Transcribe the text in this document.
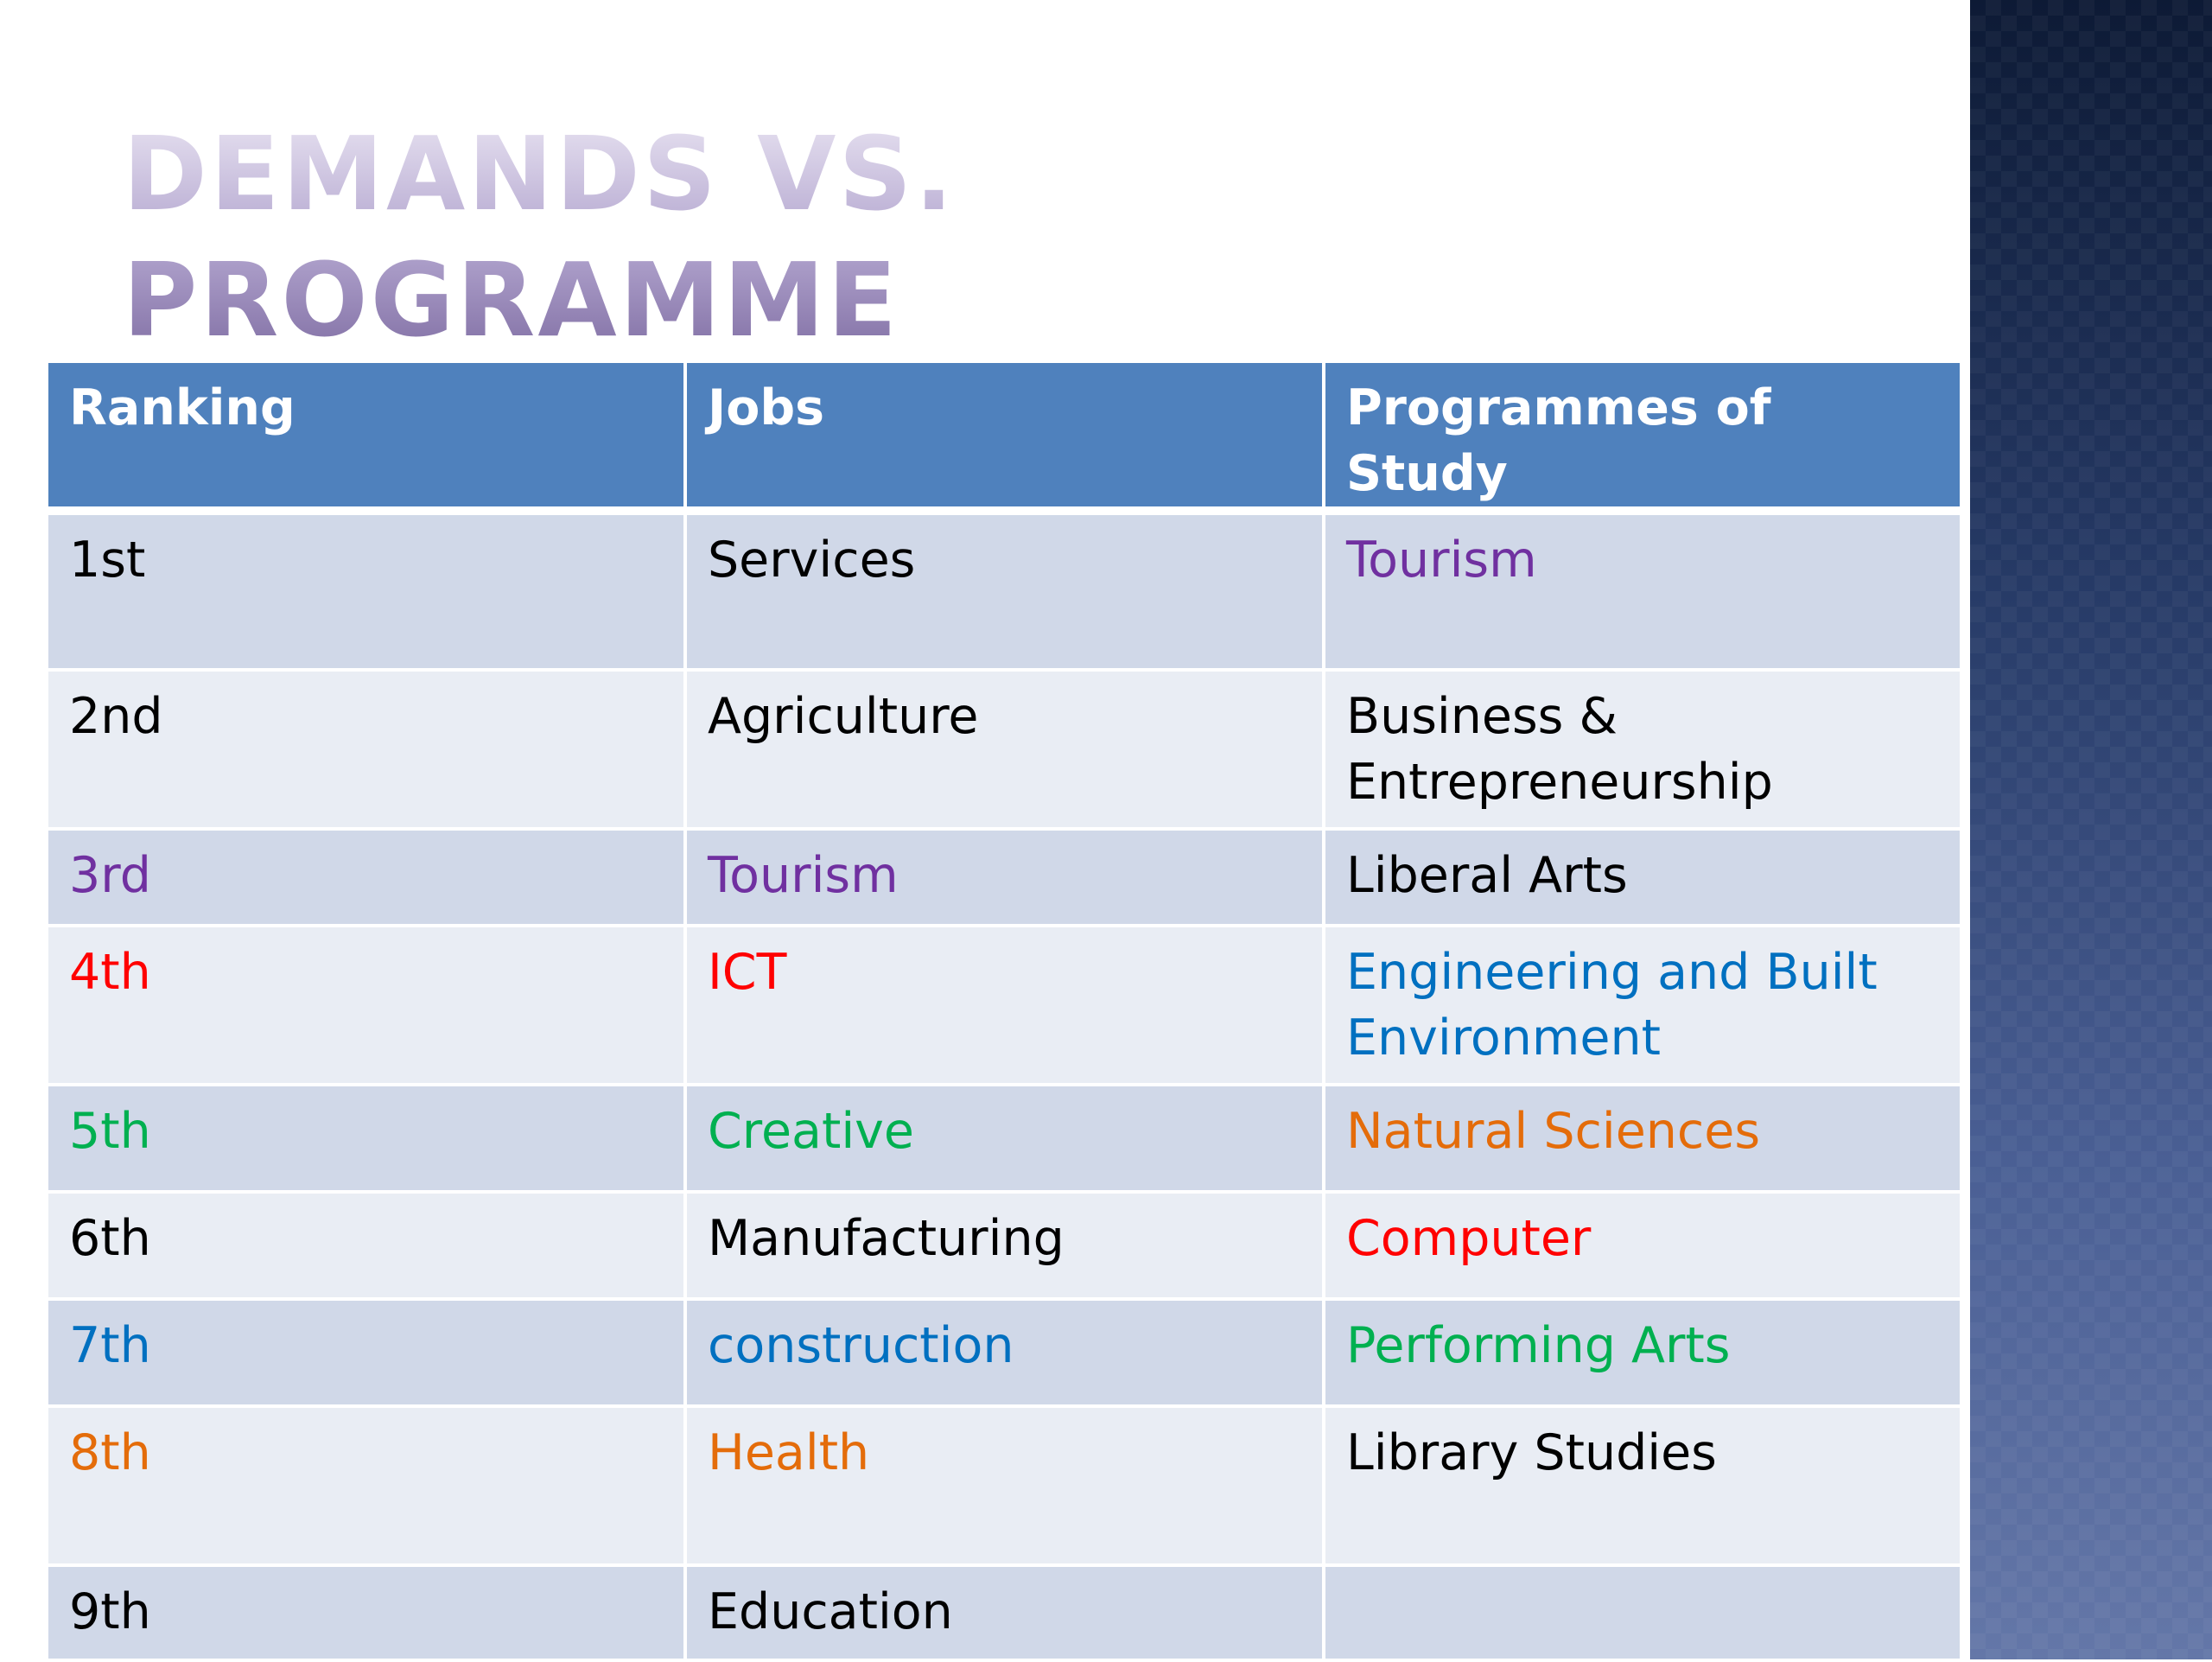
DEMANDS VS. PROGRAMME

Ranking	Jobs	Programmes of Study
1st	Services	Tourism
2nd	Agriculture	Business & Entrepreneurship
3rd	Tourism	Liberal Arts
4th	ICT	Engineering and Built Environment
5th	Creative	Natural Sciences
6th	Manufacturing	Computer
7th	construction	Performing Arts
8th	Health	Library Studies
9th	Education	
